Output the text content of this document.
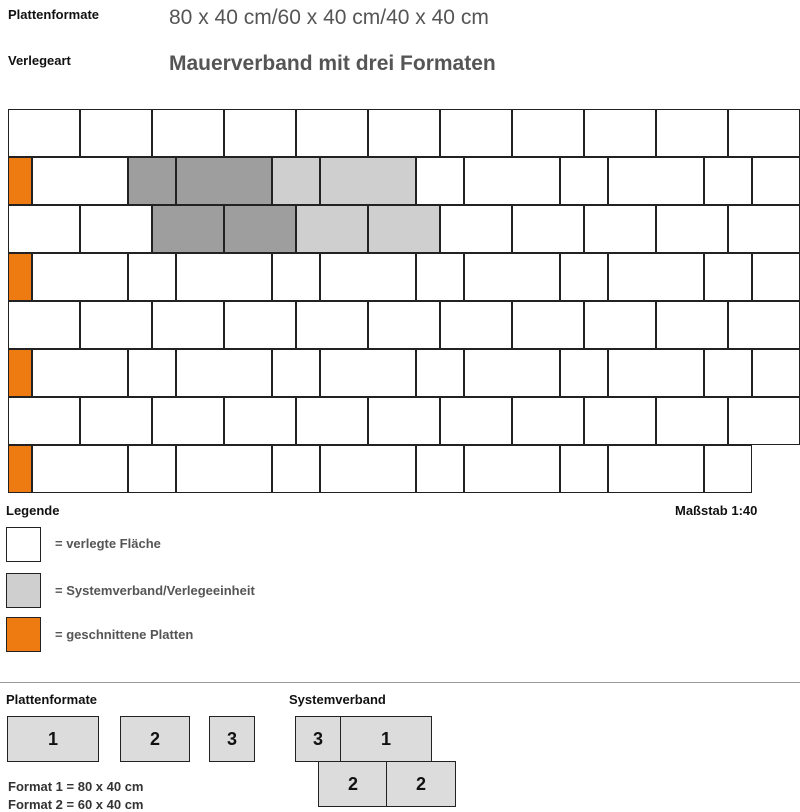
Plattenformate	80 x 40 cm/60 x 40 cm/40 x 40 cm
Verlegeart	Mauerverband mit drei Formaten
Legende	Maßstab 1:40
= verlegte Fläche
= Systemverband/Verlegeeinheit
= geschnittene Platten
Plattenformate
1	2	3
Format 1 = 80 x 40 cm
Format 2 = 60 x 40 cm
Systemverband
3	1
2	2
